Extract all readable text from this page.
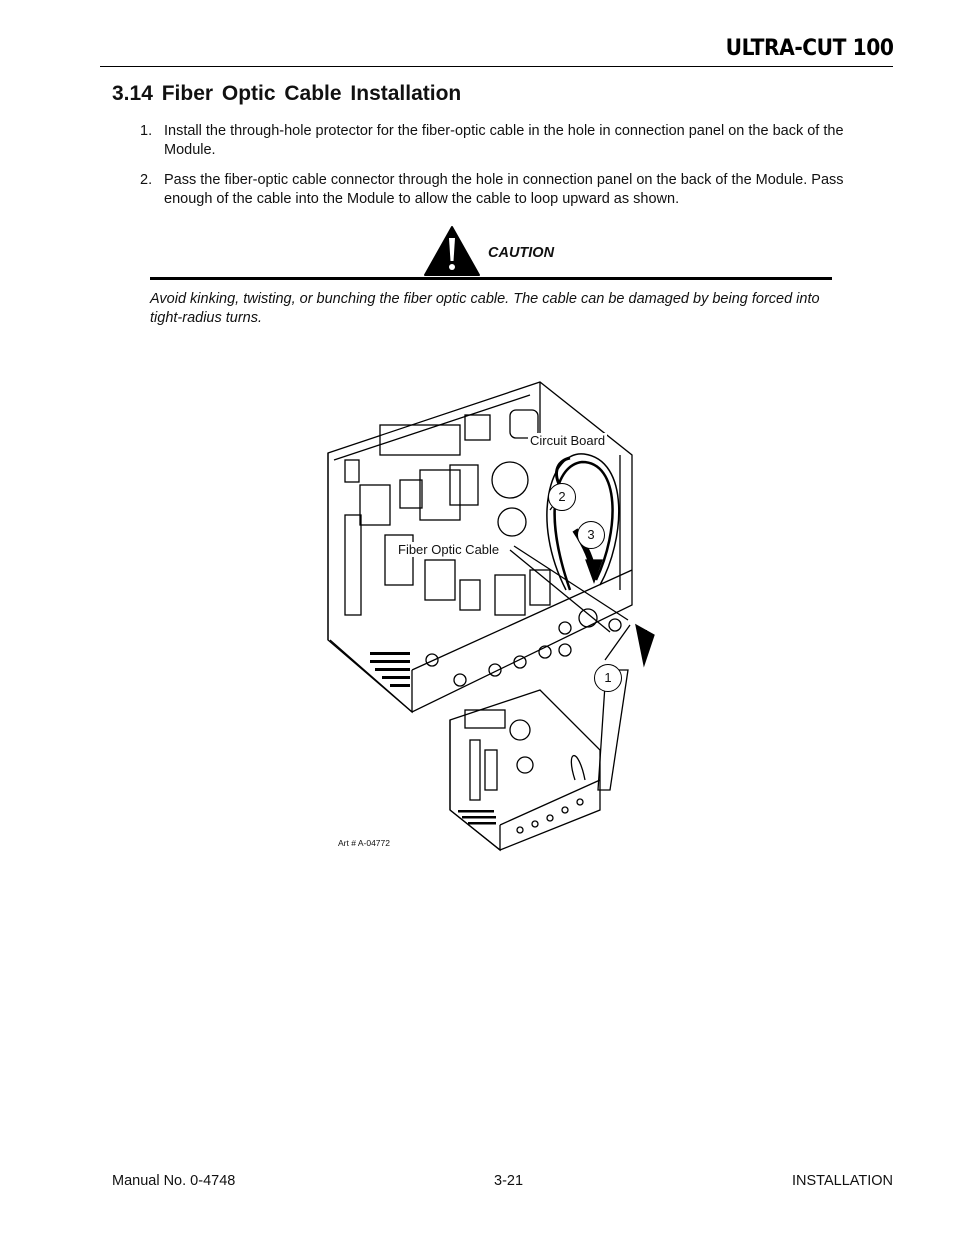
ULTRA-CUT 100
3.14 Fiber Optic Cable Installation
1. Install the through-hole protector for the fiber-optic cable in the hole in connection panel on the back of the Module.
2. Pass the fiber-optic cable connector through the hole in connection panel on the back of the Module. Pass enough of the cable into the Module to allow the cable to loop upward as shown.
CAUTION
Avoid kinking, twisting, or bunching the fiber optic cable. The cable can be damaged by being forced into tight-radius turns.
Circuit Board
Fiber Optic Cable
2
3
1
Art # A-04772
Manual No. 0-4748	3-21	INSTALLATION
